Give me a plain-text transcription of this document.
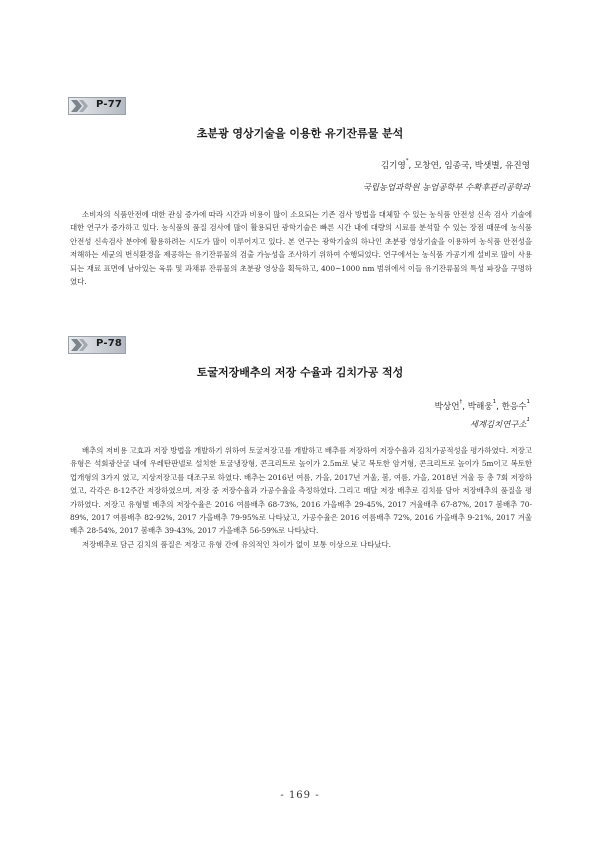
P-77
초분광 영상기술을 이용한 유기잔류물 분석
김기영*, 모창연, 임종국, 박샛별, 유진영
국립농업과학원 농업공학부 수확후관리공학과

소비자의 식품안전에 대한 관심 증가에 따라 시간과 비용이 많이 소요되는 기존 검사 방법을 대체할 수 있는 농식품 안전성 신속 검사 기술에 대한 연구가 증가하고 있다. 농식품의 품질 검사에 많이 활용되던 광학기술은 빠른 시간 내에 대량의 시료를 분석할 수 있는 장점 때문에 농식품 안전성 신속검사 분야에 활용하려는 시도가 많이 이루어지고 있다. 본 연구는 광학기술의 하나인 초분광 영상기술을 이용하여 농식품 안전성을 저해하는 세균의 번식환경을 제공하는 유기잔류물의 검출 가능성을 조사하기 위하여 수행되었다. 연구에서는 농식품 가공기계 설비로 많이 사용되는 재료 표면에 남아있는 육류 및 과채류 잔류물의 초분광 영상을 획득하고, 400~1000 nm 범위에서 이들 유기잔류물의 특성 파장을 구명하였다.

P-78
토굴저장배추의 저장 수율과 김치가공 적성
박상언†, 박해웅$^1$, 한응수$^1$
세계김치연구소$^1$

배추의 저비용 고효과 저장 방법을 개발하기 위하여 토굴저장고를 개발하고 배추를 저장하여 저장수율과 김치가공적성을 평가하였다. 저장고 유형은 석회광산굴 내에 우레탄판넬로 설치한 토굴냉장형, 콘크리트로 높이가 2.5m로 낮고 복토한 암거형, 콘크리트로 높이가 5m이고 복토한 업개형의 3가지 였고, 지상저장고를 대조구로 하였다. 배추는 2016년 여름, 가을, 2017년 겨울, 봄, 여름, 가을, 2018년 겨울 등 총 7회 저장하였고, 각각은 8-12주간 저장하였으며, 저장 중 저장수율과 가공수율을 측정하였다. 그리고 매달 저장 배추로 김치를 담아 저장배추의 품질을 평가하였다. 저장고 유형별 배추의 저장수율은 2016 여름배추 68-73%, 2016 가을배추 29-45%, 2017 겨울배추 67-87%, 2017 봄배추 70-89%, 2017 여름배추 82-92%, 2017 가을배추 79-95%로 나타났고, 가공수율은 2016 여름배추 72%, 2016 가을배추 9-21%, 2017 겨울배추 28-54%, 2017 봄배추 39-43%, 2017 가을배추 56-59%로 나타났다.

저장배추로 담근 김치의 품질은 저장고 유형 간에 유의적인 차이가 없이 보통 이상으로 나타났다.

- 169 -
